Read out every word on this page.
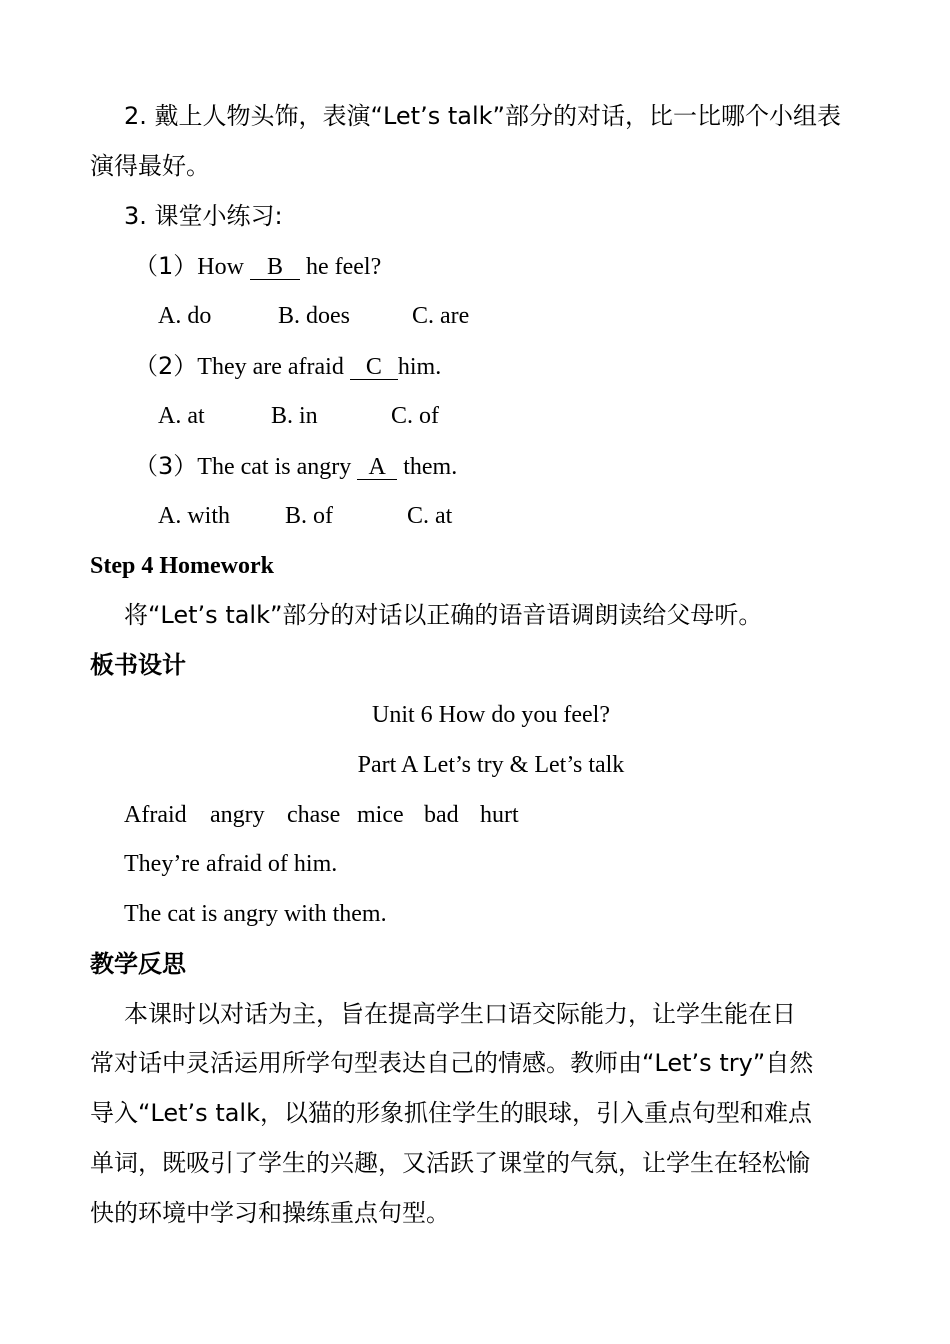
2. 戴上人物头饰，表演“Let’s talk”部分的对话，比一比哪个小组表
演得最好。
3. 课堂小练习:
（1）How B he feel?
A. do	B. does	C. are
（2）They are afraid C him.
A. at	B. in	C. of
（3）The cat is angry A them.
A. with B. of	C. at
Step 4 Homework
将“Let’s talk”部分的对话以正确的语音语调朗读给父母听。
板书设计
Unit 6 How do you feel?
Part A Let’s try & Let’s talk
Afraid angry chase mice bad hurt
They’re afraid of him.
The cat is angry with them.
教学反思
本课时以对话为主，旨在提高学生口语交际能力，让学生能在日
常对话中灵活运用所学句型表达自己的情感。教师由“Let’s try”自然
导入“Let’s talk，以猫的形象抓住学生的眼球，引入重点句型和难点
单词，既吸引了学生的兴趣，又活跃了课堂的气氛，让学生在轻松愉
快的环境中学习和操练重点句型。
